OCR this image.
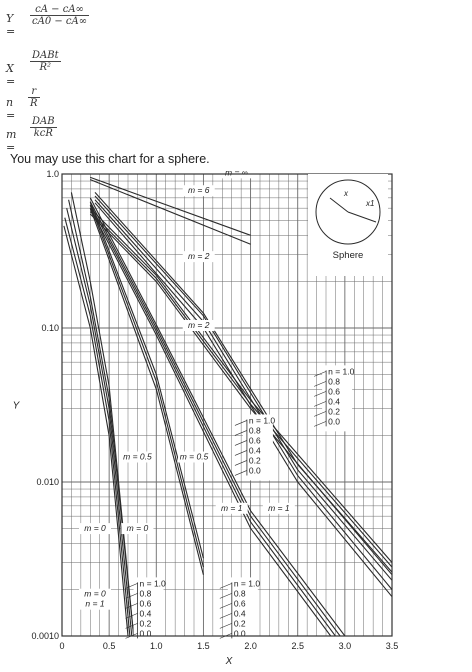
Y =
cA − cA∞
cA0 − cA∞
X =
DABt
R²
n =
r
R
m =
DAB
kcR
You may use this chart for a sphere.
m = ∞
m = 6
m = 2
m = 2
m = 0.5	m = 0.5
m = 1	m = 1
m = 0 m = 0
m = 0
n = 1
n = 1.0
0.8
0.6
0.4
0.2
0.0
n = 1.0
0.8
0.6
0.4
0.2
0.0
n = 1.0
0.8
0.6
0.4
0.2
0.0
n = 1.0
0.8
0.6
0.4
0.2
0.0
0	0.5	1.0	1.5	2.0	2.5	3.0	3.5
1.0
0.10
0.010
0.0010
X
Y
x
x1
Sphere
